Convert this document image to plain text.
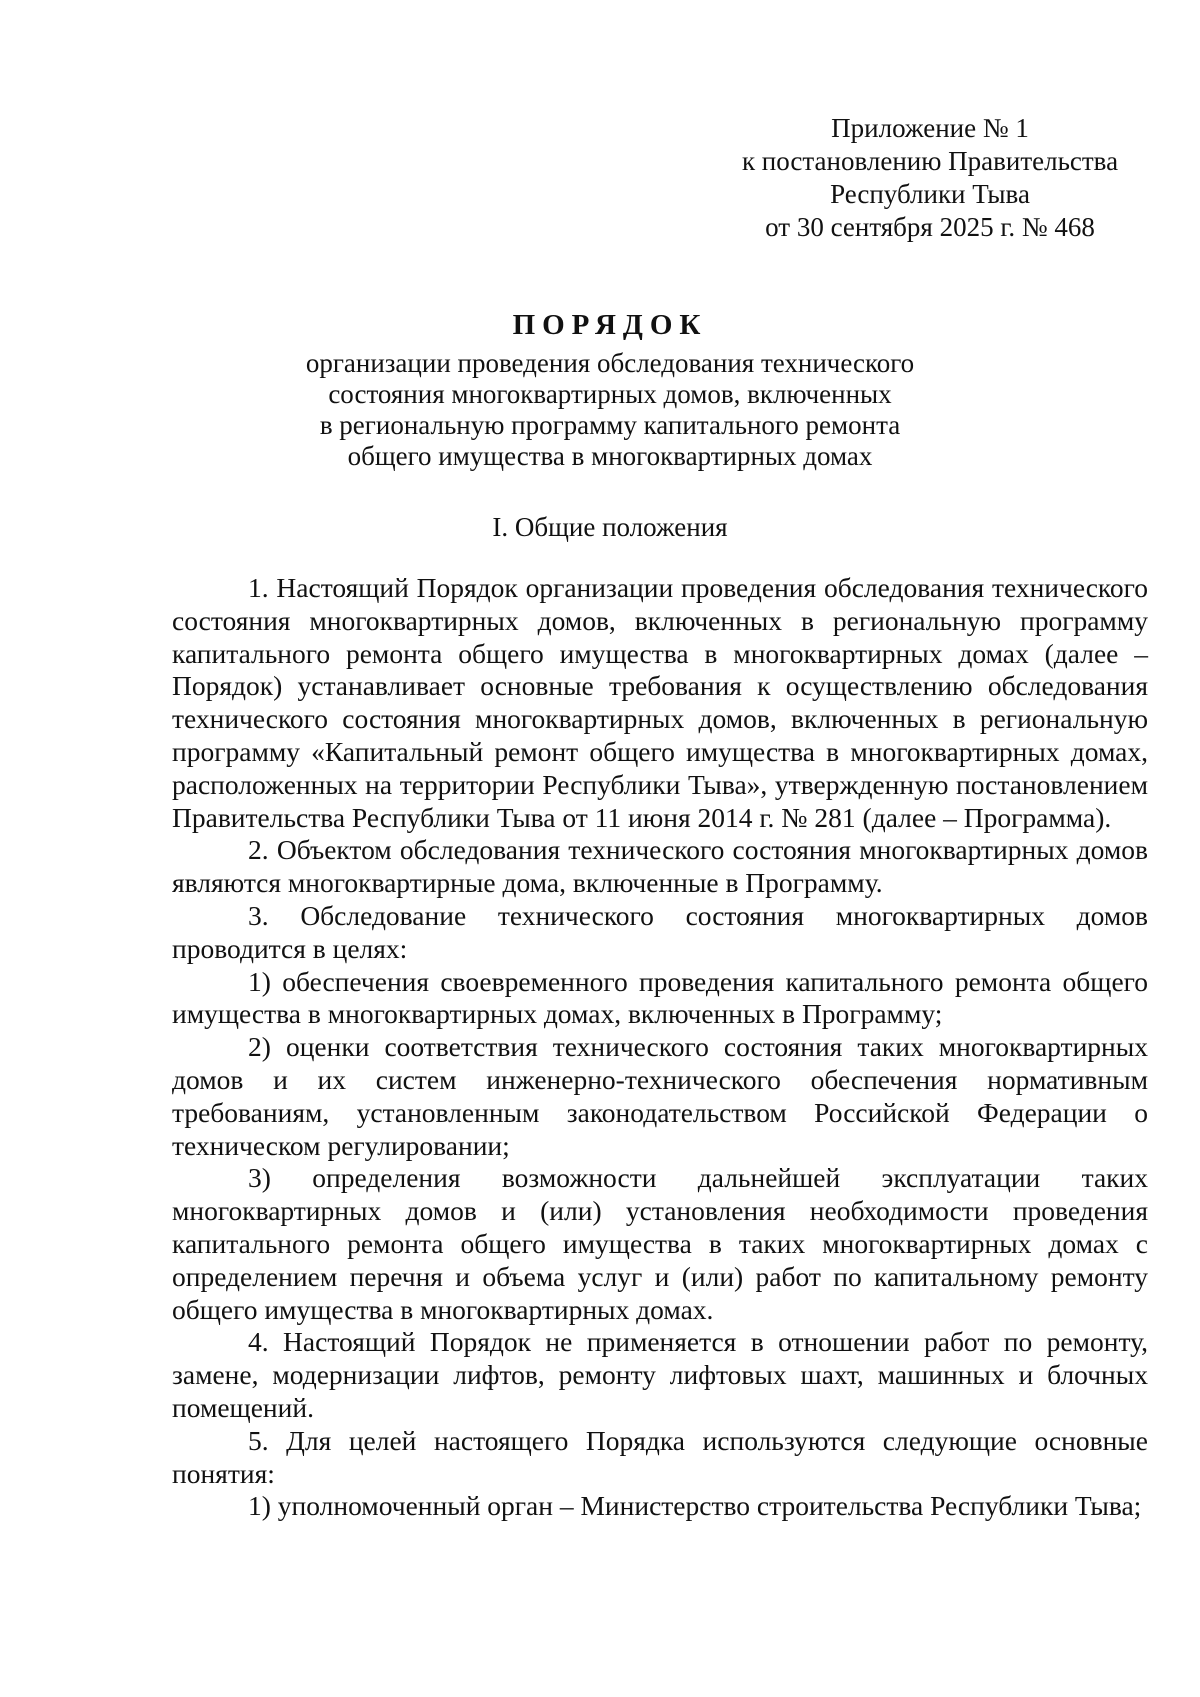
Приложение № 1
к постановлению Правительства
Республики Тыва
от 30 сентября 2025 г. № 468
ПОРЯДОК
организации проведения обследования технического
состояния многоквартирных домов, включенных
в региональную программу капитального ремонта
общего имущества в многоквартирных домах
I. Общие положения

1. Настоящий Порядок организации проведения обследования технического состояния многоквартирных домов, включенных в региональную программу капитального ремонта общего имущества в многоквартирных домах (далее – Порядок) устанавливает основные требования к осуществлению обследования технического состояния многоквартирных домов, включенных в региональную программу «Капитальный ремонт общего имущества в многоквартирных домах, расположенных на территории Республики Тыва», утвержденную постановлением Правительства Республики Тыва от 11 июня 2014 г. № 281 (далее – Программа).

2. Объектом обследования технического состояния многоквартирных домов являются многоквартирные дома, включенные в Программу.

3. Обследование технического состояния многоквартирных домов проводится в целях:

1) обеспечения своевременного проведения капитального ремонта общего имущества в многоквартирных домах, включенных в Программу;

2) оценки соответствия технического состояния таких многоквартирных домов и их систем инженерно-технического обеспечения нормативным требованиям, установленным законодательством Российской Федерации о техническом регулировании;

3) определения возможности дальнейшей эксплуатации таких многоквартирных домов и (или) установления необходимости проведения капитального ремонта общего имущества в таких многоквартирных домах с определением перечня и объема услуг и (или) работ по капитальному ремонту общего имущества в многоквартирных домах.

4. Настоящий Порядок не применяется в отношении работ по ремонту, замене, модернизации лифтов, ремонту лифтовых шахт, машинных и блочных помещений.

5. Для целей настоящего Порядка используются следующие основные понятия:

1) уполномоченный орган – Министерство строительства Республики Тыва;
